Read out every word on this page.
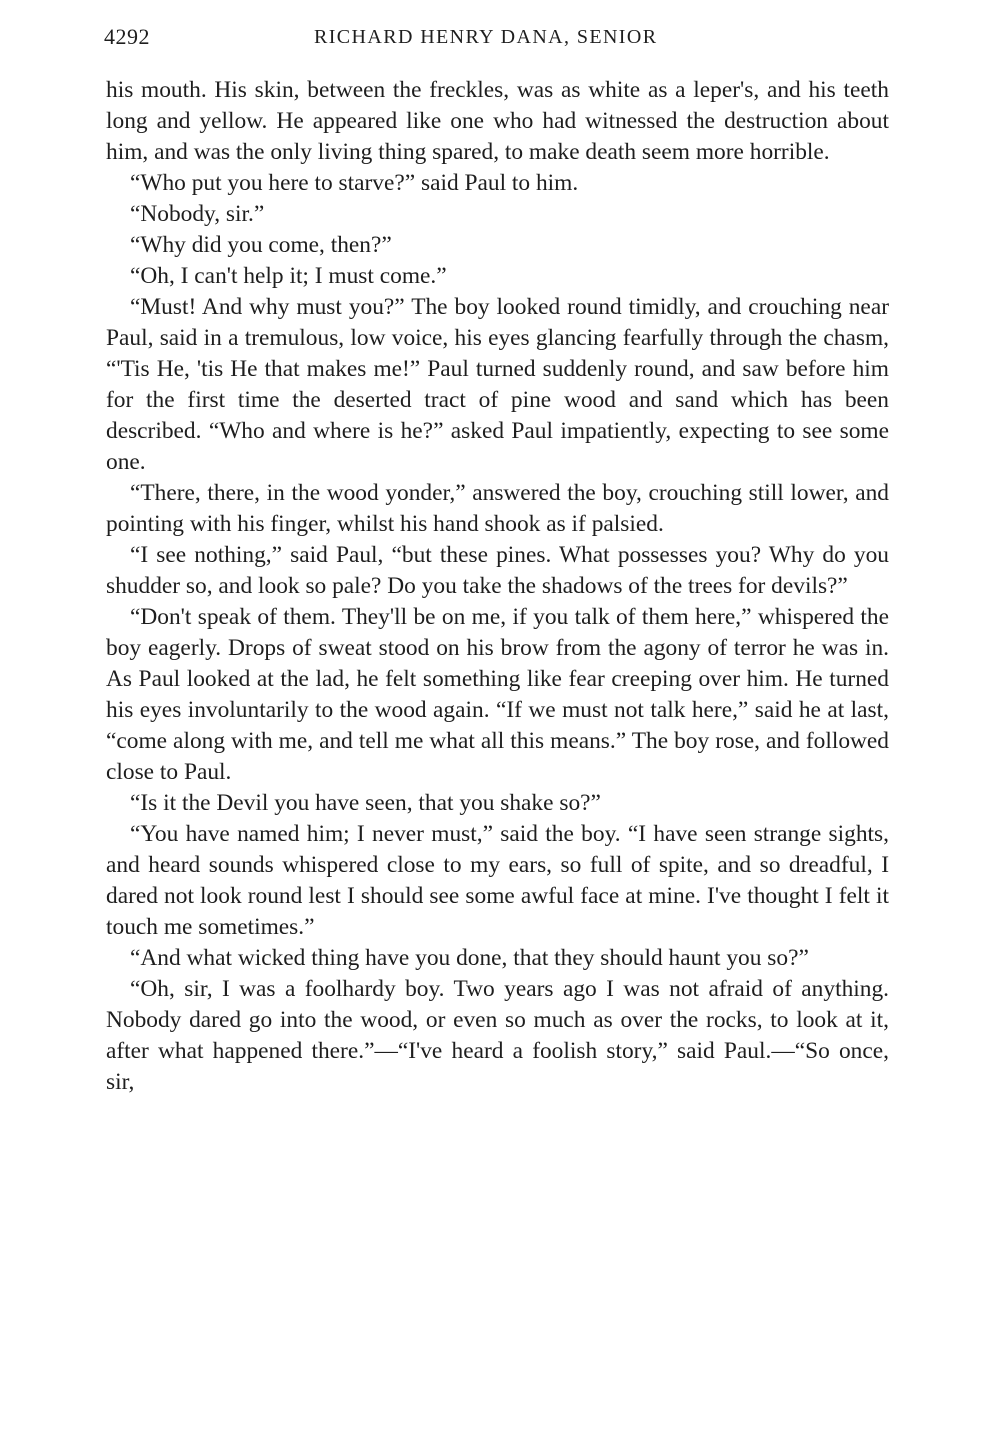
4292	RICHARD HENRY DANA, SENIOR

his mouth. His skin, between the freckles, was as white as a leper's, and his teeth long and yellow. He appeared like one who had witnessed the destruction about him, and was the only living thing spared, to make death seem more horrible.

“Who put you here to starve?” said Paul to him.

“Nobody, sir.”

“Why did you come, then?”

“Oh, I can't help it; I must come.”

“Must! And why must you?” The boy looked round timidly, and crouching near Paul, said in a tremulous, low voice, his eyes glancing fearfully through the chasm, “'Tis He, 'tis He that makes me!” Paul turned suddenly round, and saw before him for the first time the deserted tract of pine wood and sand which has been described. “Who and where is he?” asked Paul impatiently, expecting to see some one.

“There, there, in the wood yonder,” answered the boy, crouching still lower, and pointing with his finger, whilst his hand shook as if palsied.

“I see nothing,” said Paul, “but these pines. What possesses you? Why do you shudder so, and look so pale? Do you take the shadows of the trees for devils?”

“Don't speak of them. They'll be on me, if you talk of them here,” whispered the boy eagerly. Drops of sweat stood on his brow from the agony of terror he was in. As Paul looked at the lad, he felt something like fear creeping over him. He turned his eyes involuntarily to the wood again. “If we must not talk here,” said he at last, “come along with me, and tell me what all this means.” The boy rose, and followed close to Paul.

“Is it the Devil you have seen, that you shake so?”

“You have named him; I never must,” said the boy. “I have seen strange sights, and heard sounds whispered close to my ears, so full of spite, and so dreadful, I dared not look round lest I should see some awful face at mine. I've thought I felt it touch me sometimes.”

“And what wicked thing have you done, that they should haunt you so?”

“Oh, sir, I was a foolhardy boy. Two years ago I was not afraid of anything. Nobody dared go into the wood, or even so much as over the rocks, to look at it, after what happened there.”—“I've heard a foolish story,” said Paul.—“So once, sir,
